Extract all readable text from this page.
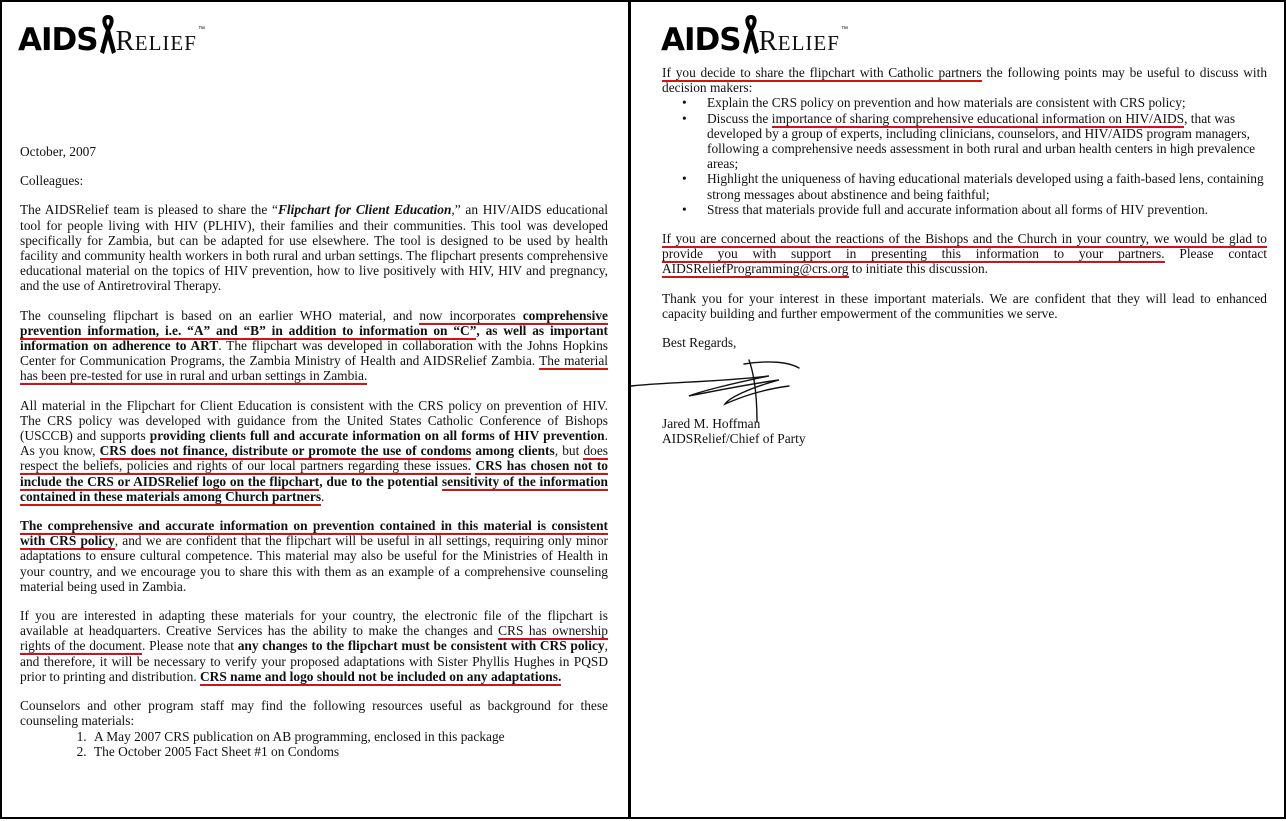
AIDS RELIEF
™

October, 2007

Colleagues:

The AIDSRelief team is pleased to share the “Flipchart for Client Education,” an HIV/AIDS educational tool for people living with HIV (PLHIV), their families and their communities. This tool was developed specifically for Zambia, but can be adapted for use elsewhere. The tool is designed to be used by health facility and community health workers in both rural and urban settings. The flipchart presents comprehensive educational material on the topics of HIV prevention, how to live positively with HIV, HIV and pregnancy, and the use of Antiretroviral Therapy.

The counseling flipchart is based on an earlier WHO material, and now incorporates comprehensive prevention information, i.e. “A” and “B” in addition to information on “C”, as well as important information on adherence to ART. The flipchart was developed in collaboration with the Johns Hopkins Center for Communication Programs, the Zambia Ministry of Health and AIDSRelief Zambia. The material has been pre-tested for use in rural and urban settings in Zambia.

All material in the Flipchart for Client Education is consistent with the CRS policy on prevention of HIV. The CRS policy was developed with guidance from the United States Catholic Conference of Bishops (USCCB) and supports providing clients full and accurate information on all forms of HIV prevention. As you know, CRS does not finance, distribute or promote the use of condoms among clients, but does respect the beliefs, policies and rights of our local partners regarding these issues. CRS has chosen not to include the CRS or AIDSRelief logo on the flipchart, due to the potential sensitivity of the information contained in these materials among Church partners.

The comprehensive and accurate information on prevention contained in this material is consistent with CRS policy, and we are confident that the flipchart will be useful in all settings, requiring only minor adaptations to ensure cultural competence. This material may also be useful for the Ministries of Health in your country, and we encourage you to share this with them as an example of a comprehensive counseling material being used in Zambia.

If you are interested in adapting these materials for your country, the electronic file of the flipchart is available at headquarters. Creative Services has the ability to make the changes and CRS has ownership rights of the document. Please note that any changes to the flipchart must be consistent with CRS policy, and therefore, it will be necessary to verify your proposed adaptations with Sister Phyllis Hughes in PQSD prior to printing and distribution. CRS name and logo should not be included on any adaptations.

Counselors and other program staff may find the following resources useful as background for these counseling materials:

1. A May 2007 CRS publication on AB programming, enclosed in this package
2. The October 2005 Fact Sheet #1 on Condoms
AIDS RELIEF
™

If you decide to share the flipchart with Catholic partners the following points may be useful to discuss with decision makers:

• Explain the CRS policy on prevention and how materials are consistent with CRS policy;
• Discuss the importance of sharing comprehensive educational information on HIV/AIDS, that was developed by a group of experts, including clinicians, counselors, and HIV/AIDS program managers, following a comprehensive needs assessment in both rural and urban health centers in high prevalence areas;
• Highlight the uniqueness of having educational materials developed using a faith-based lens, containing strong messages about abstinence and being faithful;
• Stress that materials provide full and accurate information about all forms of HIV prevention.

If you are concerned about the reactions of the Bishops and the Church in your country, we would be glad to provide you with support in presenting this information to your partners. Please contact AIDSReliefProgramming@crs.org to initiate this discussion.

Thank you for your interest in these important materials. We are confident that they will lead to enhanced capacity building and further empowerment of the communities we serve.

Best Regards,

Jared M. Hoffman
AIDSRelief/Chief of Party
